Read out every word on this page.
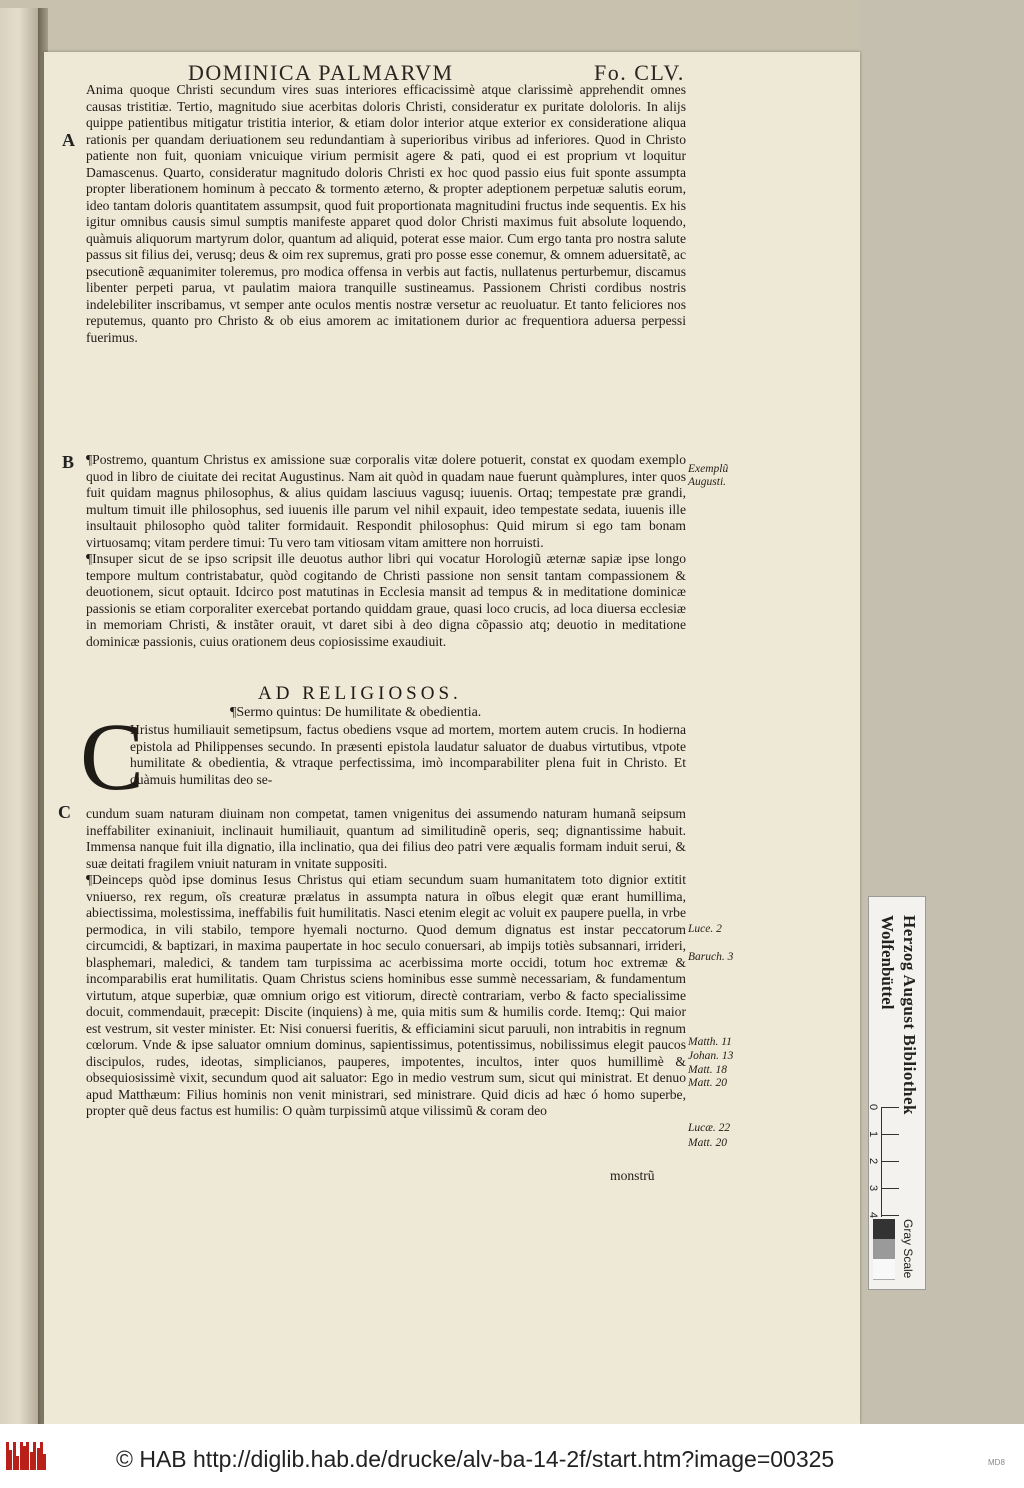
DOMINICA PALMARVM	Fo. CLV.
A
B
C
Anima quoque Christi secundum vires suas interiores efficacissimè atque clarissimè apprehendit omnes causas tristitiæ. Tertio, magnitudo siue acerbitas doloris Christi, consideratur ex puritate dololoris. In alijs quippe patientibus mitigatur tristitia interior, & etiam dolor interior atque exterior ex consideratione aliqua rationis per quandam deriuationem seu redundantiam à superioribus viribus ad inferiores. Quod in Christo patiente non fuit, quoniam vnicuique virium permisit agere & pati, quod ei est proprium vt loquitur Damascenus. Quarto, consideratur magnitudo doloris Christi ex hoc quod passio eius fuit sponte assumpta propter liberationem hominum à peccato & tormento æterno, & propter adeptionem perpetuæ salutis eorum, ideo tantam doloris quantitatem assumpsit, quod fuit proportionata magnitudini fructus inde sequentis. Ex his igitur omnibus causis simul sumptis manifeste apparet quod dolor Christi maximus fuit absolute loquendo, quàmuis aliquorum martyrum dolor, quantum ad aliquid, poterat esse maior. Cum ergo tanta pro nostra salute passus sit filius dei, verusq; deus & oim rex supremus, grati pro posse esse conemur, & omnem aduersitatẽ, ac psecutionẽ æquanimiter toleremus, pro modica offensa in verbis aut factis, nullatenus perturbemur, discamus libenter perpeti parua, vt paulatim maiora tranquille sustineamus. Passionem Christi cordibus nostris indelebiliter inscribamus, vt semper ante oculos mentis nostræ versetur ac reuoluatur. Et tanto feliciores nos reputemus, quanto pro Christo & ob eius amorem ac imitationem durior ac frequentiora aduersa perpessi fuerimus.
¶Postremo, quantum Christus ex amissione suæ corporalis vitæ dolere potuerit, constat ex quodam exemplo quod in libro de ciuitate dei recitat Augustinus. Nam ait quòd in quadam naue fuerunt quàmplures, inter quos fuit quidam magnus philosophus, & alius quidam lasciuus vagusq; iuuenis. Ortaq; tempestate præ grandi, multum timuit ille philosophus, sed iuuenis ille parum vel nihil expauit, ideo tempestate sedata, iuuenis ille insultauit philosopho quòd taliter formidauit. Respondit philosophus: Quid mirum si ego tam bonam virtuosamq; vitam perdere timui: Tu vero tam vitiosam vitam amittere non horruisti.
¶Insuper sicut de se ipso scripsit ille deuotus author libri qui vocatur Horologiũ æternæ sapiæ ipse longo tempore multum contristabatur, quòd cogitando de Christi passione non sensit tantam compassionem & deuotionem, sicut optauit. Idcirco post matutinas in Ecclesia mansit ad tempus & in meditatione dominicæ passionis se etiam corporaliter exercebat portando quiddam graue, quasi loco crucis, ad loca diuersa ecclesiæ in memoriam Christi, & instãter orauit, vt daret sibi à deo digna cõpassio atq; deuotio in meditatione dominicæ passionis, cuius orationem deus copiosissime exaudiuit.
AD RELIGIOSOS.
¶Sermo quintus: De humilitate & obedientia.
C
Hristus humiliauit semetipsum, factus obediens vsque ad mortem, mortem autem crucis. In hodierna epistola ad Philippenses secundo. In præsenti epistola laudatur saluator de duabus virtutibus, vtpote humilitate & obedientia, & vtraque perfectissima, imò incomparabiliter plena fuit in Christo. Et quàmuis humilitas deo se-
cundum suam naturam diuinam non competat, tamen vnigenitus dei assumendo naturam humanã seipsum ineffabiliter exinaniuit, inclinauit humiliauit, quantum ad similitudinẽ operis, seq; dignantissime habuit. Immensa nanque fuit illa dignatio, illa inclinatio, qua dei filius deo patri vere æqualis formam induit serui, & suæ deitati fragilem vniuit naturam in vnitate suppositi.
¶Deinceps quòd ipse dominus Iesus Christus qui etiam secundum suam humanitatem toto dignior extitit vniuerso, rex regum, oĩs creaturæ prælatus in assumpta natura in oĩbus elegit quæ erant humillima, abiectissima, molestissima, ineffabilis fuit humilitatis. Nasci etenim elegit ac voluit ex paupere puella, in vrbe permodica, in vili stabilo, tempore hyemali nocturno. Quod demum dignatus est instar peccatorum circumcidi, & baptizari, in maxima paupertate in hoc seculo conuersari, ab impijs totiès subsannari, irrideri, blasphemari, maledici, & tandem tam turpissima ac acerbissima morte occidi, totum hoc extremæ & incomparabilis erat humilitatis. Quam Christus sciens hominibus esse summè necessariam, & fundamentum virtutum, atque superbiæ, quæ omnium origo est vitiorum, directè contrariam, verbo & facto specialissime docuit, commendauit, præcepit: Discite (inquiens) à me, quia mitis sum & humilis corde. Itemq;: Qui maior est vestrum, sit vester minister. Et: Nisi conuersi fueritis, & efficiamini sicut paruuli, non intrabitis in regnum cœlorum. Vnde & ipse saluator omnium dominus, sapientissimus, potentissimus, nobilissimus elegit paucos discipulos, rudes, ideotas, simplicianos, pauperes, impotentes, incultos, inter quos humillimè & obsequiosissimè vixit, secundum quod ait saluator: Ego in medio vestrum sum, sicut qui ministrat. Et denuo apud Matthæum: Filius hominis non venit ministrari, sed ministrare. Quid dicis ad hæc ó homo superbe, propter quẽ deus factus est humilis: O quàm turpissimũ atque vilissimũ & coram deo
Exemplũ Augusti.
Luce. 2
Baruch. 3
Matth. 11
Johan. 13
Matt. 18
Matt. 20
Lucæ. 22
Matt. 20
monstrũ
Herzog August Bibliothek
Wolfenbüttel
0
1
2
3
4
Gray Scale
© HAB http://diglib.hab.de/drucke/alv-ba-14-2f/start.htm?image=00325	MD8
